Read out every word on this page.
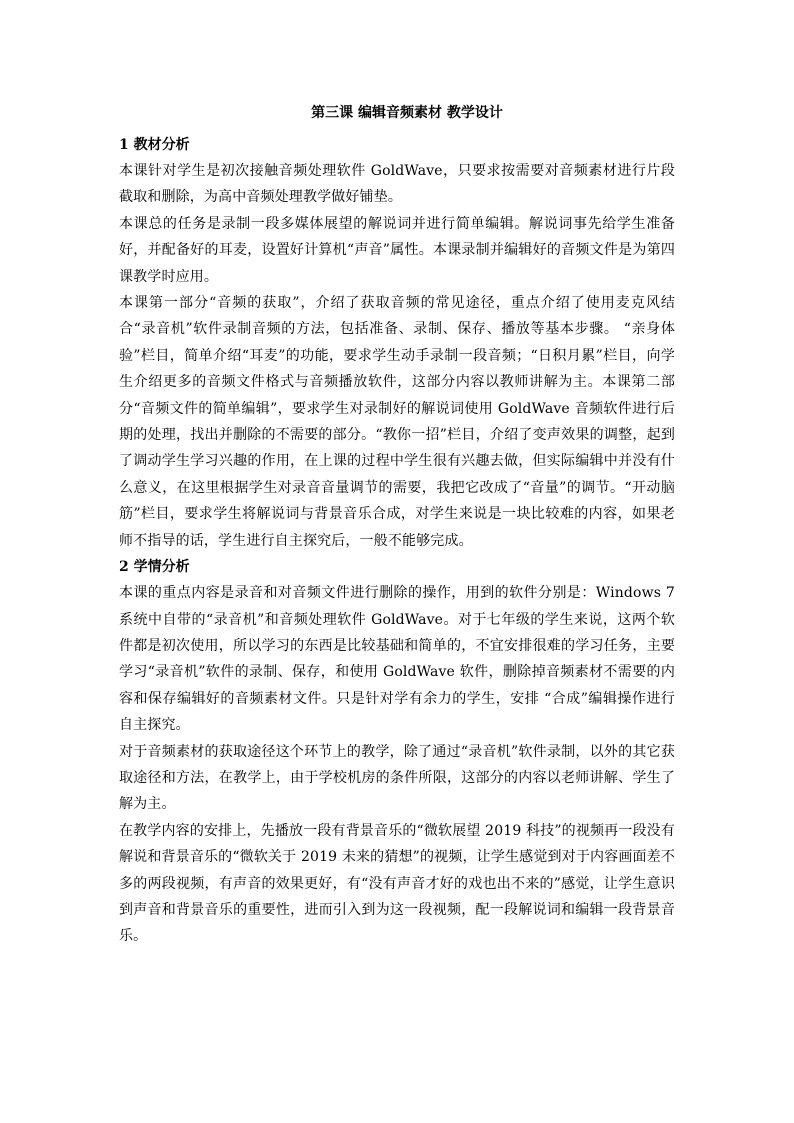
第三课 编辑音频素材 教学设计

1 教材分析

本课针对学生是初次接触音频处理软件 GoldWave，只要求按需要对音频素材进行片段截取和删除，为高中音频处理教学做好铺垫。

本课总的任务是录制一段多媒体展望的解说词并进行简单编辑。解说词事先给学生准备好，并配备好的耳麦，设置好计算机“声音”属性。本课录制并编辑好的音频文件是为第四课教学时应用。

本课第一部分“音频的获取”，介绍了获取音频的常见途径，重点介绍了使用麦克风结合“录音机”软件录制音频的方法，包括准备、录制、保存、播放等基本步骤。 “亲身体验”栏目，简单介绍“耳麦”的功能，要求学生动手录制一段音频；“日积月累”栏目，向学生介绍更多的音频文件格式与音频播放软件，这部分内容以教师讲解为主。本课第二部分“音频文件的简单编辑”，要求学生对录制好的解说词使用 GoldWave 音频软件进行后期的处理，找出并删除的不需要的部分。“教你一招”栏目，介绍了变声效果的调整，起到了调动学生学习兴趣的作用，在上课的过程中学生很有兴趣去做，但实际编辑中并没有什么意义，在这里根据学生对录音音量调节的需要，我把它改成了“音量”的调节。“开动脑筋”栏目，要求学生将解说词与背景音乐合成，对学生来说是一块比较难的内容，如果老师不指导的话，学生进行自主探究后，一般不能够完成。

2 学情分析

本课的重点内容是录音和对音频文件进行删除的操作，用到的软件分别是：Windows 7 系统中自带的“录音机”和音频处理软件 GoldWave。对于七年级的学生来说，这两个软件都是初次使用，所以学习的东西是比较基础和简单的，不宜安排很难的学习任务，主要学习“录音机”软件的录制、保存，和使用 GoldWave 软件，删除掉音频素材不需要的内容和保存编辑好的音频素材文件。只是针对学有余力的学生，安排 “合成”编辑操作进行自主探究。

对于音频素材的获取途径这个环节上的教学，除了通过“录音机”软件录制，以外的其它获取途径和方法，在教学上，由于学校机房的条件所限，这部分的内容以老师讲解、学生了解为主。

在教学内容的安排上，先播放一段有背景音乐的“微软展望 2019 科技”的视频再一段没有解说和背景音乐的“微软关于 2019 未来的猜想”的视频，让学生感觉到对于内容画面差不多的两段视频，有声音的效果更好，有“没有声音才好的戏也出不来的”感觉，让学生意识到声音和背景音乐的重要性，进而引入到为这一段视频，配一段解说词和编辑一段背景音乐。
